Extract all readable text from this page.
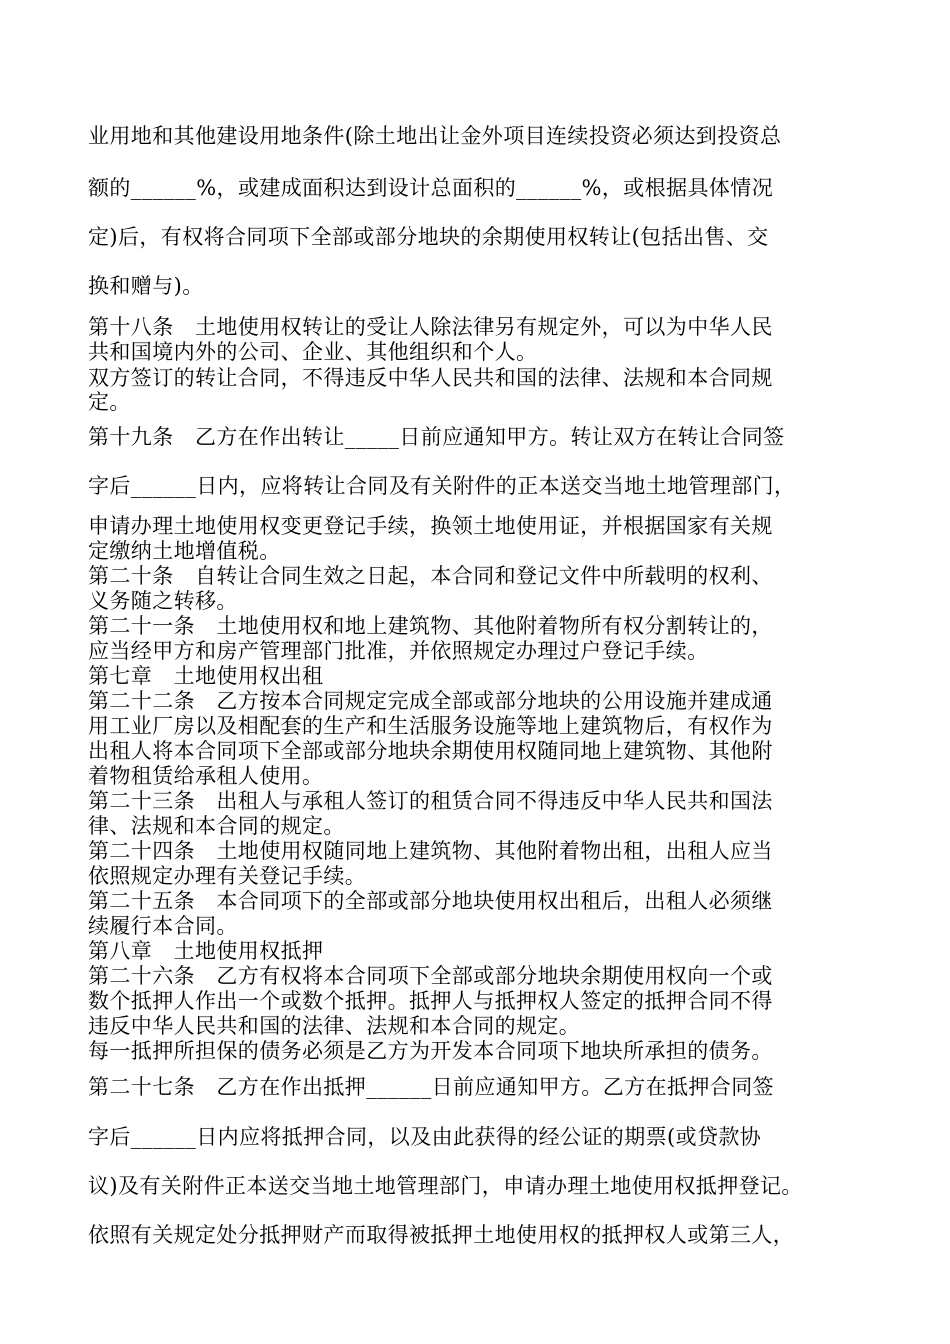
业用地和其他建设用地条件(除土地出让金外项目连续投资必须达到投资总
额的______%，或建成面积达到设计总面积的______%，或根据具体情况
定)后，有权将合同项下全部或部分地块的余期使用权转让(包括出售、交
换和赠与)。
第十八条　土地使用权转让的受让人除法律另有规定外，可以为中华人民
共和国境内外的公司、企业、其他组织和个人。
双方签订的转让合同，不得违反中华人民共和国的法律、法规和本合同规
定。
第十九条　乙方在作出转让_____日前应通知甲方。转让双方在转让合同签
字后______日内，应将转让合同及有关附件的正本送交当地土地管理部门，
申请办理土地使用权变更登记手续，换领土地使用证，并根据国家有关规
定缴纳土地增值税。
第二十条　自转让合同生效之日起，本合同和登记文件中所载明的权利、
义务随之转移。
第二十一条　土地使用权和地上建筑物、其他附着物所有权分割转让的，
应当经甲方和房产管理部门批准，并依照规定办理过户登记手续。
第七章　土地使用权出租
第二十二条　乙方按本合同规定完成全部或部分地块的公用设施并建成通
用工业厂房以及相配套的生产和生活服务设施等地上建筑物后，有权作为
出租人将本合同项下全部或部分地块余期使用权随同地上建筑物、其他附
着物租赁给承租人使用。
第二十三条　出租人与承租人签订的租赁合同不得违反中华人民共和国法
律、法规和本合同的规定。
第二十四条　土地使用权随同地上建筑物、其他附着物出租，出租人应当
依照规定办理有关登记手续。
第二十五条　本合同项下的全部或部分地块使用权出租后，出租人必须继
续履行本合同。
第八章　土地使用权抵押
第二十六条　乙方有权将本合同项下全部或部分地块余期使用权向一个或
数个抵押人作出一个或数个抵押。抵押人与抵押权人签定的抵押合同不得
违反中华人民共和国的法律、法规和本合同的规定。
每一抵押所担保的债务必须是乙方为开发本合同项下地块所承担的债务。
第二十七条　乙方在作出抵押______日前应通知甲方。乙方在抵押合同签
字后______日内应将抵押合同，以及由此获得的经公证的期票(或贷款协
议)及有关附件正本送交当地土地管理部门，申请办理土地使用权抵押登记。
依照有关规定处分抵押财产而取得被抵押土地使用权的抵押权人或第三人，
